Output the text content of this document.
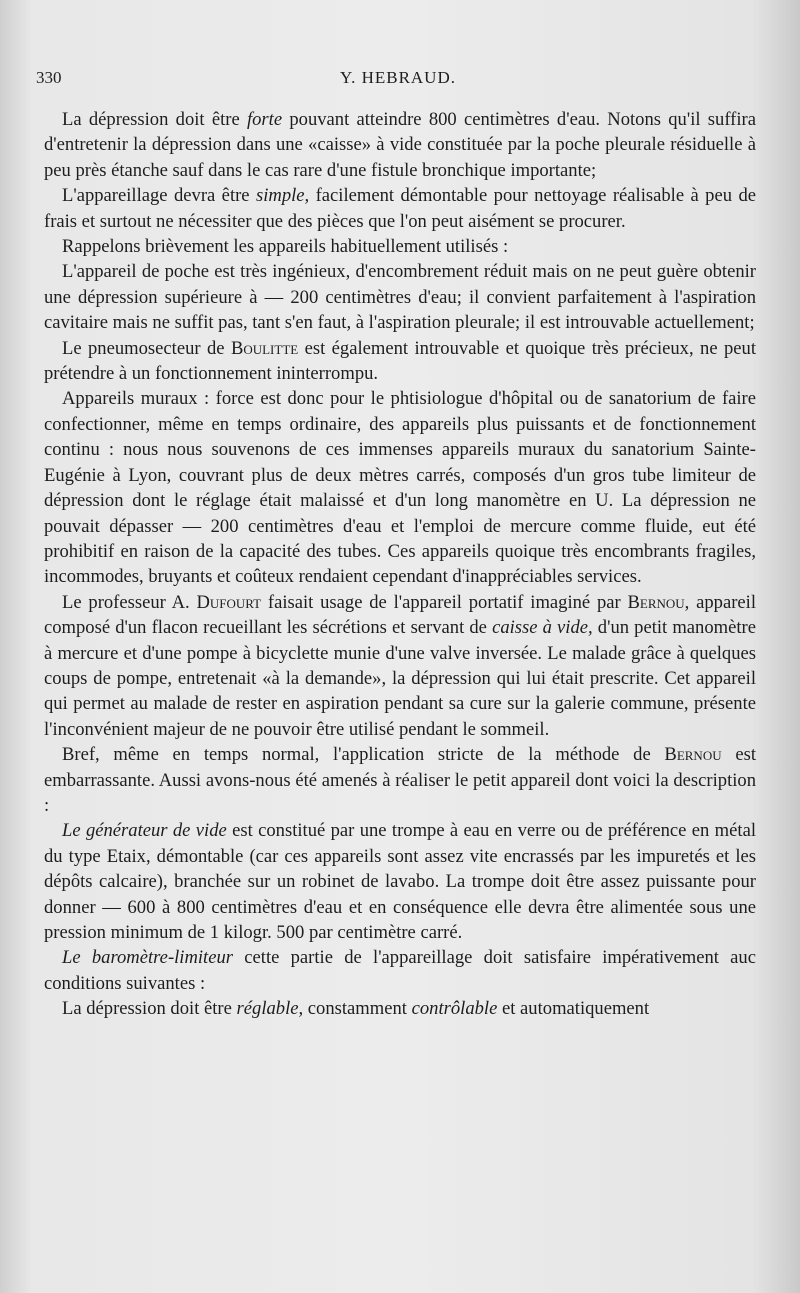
330	Y. HEBRAUD.

La dépression doit être forte pouvant atteindre 800 centimètres d'eau. Notons qu'il suffira d'entretenir la dépression dans une «caisse» à vide constituée par la poche pleurale résiduelle à peu près étanche sauf dans le cas rare d'une fistule bronchique importante;

L'appareillage devra être simple, facilement démontable pour nettoyage réalisable à peu de frais et surtout ne nécessiter que des pièces que l'on peut aisément se procurer.

Rappelons brièvement les appareils habituellement utilisés :

L'appareil de poche est très ingénieux, d'encombrement réduit mais on ne peut guère obtenir une dépression supérieure à — 200 centimètres d'eau; il convient parfaitement à l'aspiration cavitaire mais ne suffit pas, tant s'en faut, à l'aspiration pleurale; il est introuvable actuellement;

Le pneumosecteur de Boulitte est également introuvable et quoique très précieux, ne peut prétendre à un fonctionnement ininterrompu.

Appareils muraux : force est donc pour le phtisiologue d'hôpital ou de sanatorium de faire confectionner, même en temps ordinaire, des appareils plus puissants et de fonctionnement continu : nous nous souvenons de ces immenses appareils muraux du sanatorium Sainte-Eugénie à Lyon, couvrant plus de deux mètres carrés, composés d'un gros tube limiteur de dépression dont le réglage était malaissé et d'un long manomètre en U. La dépression ne pouvait dépasser — 200 centimètres d'eau et l'emploi de mercure comme fluide, eut été prohibitif en raison de la capacité des tubes. Ces appareils quoique très encombrants fragiles, incommodes, bruyants et coûteux rendaient cependant d'inappréciables services.

Le professeur A. Dufourt faisait usage de l'appareil portatif imaginé par Bernou, appareil composé d'un flacon recueillant les sécrétions et servant de caisse à vide, d'un petit manomètre à mercure et d'une pompe à bicyclette munie d'une valve inversée. Le malade grâce à quelques coups de pompe, entretenait «à la demande», la dépression qui lui était prescrite. Cet appareil qui permet au malade de rester en aspiration pendant sa cure sur la galerie commune, présente l'inconvénient majeur de ne pouvoir être utilisé pendant le sommeil.

Bref, même en temps normal, l'application stricte de la méthode de Bernou est embarrassante. Aussi avons-nous été amenés à réaliser le petit appareil dont voici la description :

Le générateur de vide est constitué par une trompe à eau en verre ou de préférence en métal du type Etaix, démontable (car ces appareils sont assez vite encrassés par les impuretés et les dépôts calcaire), branchée sur un robinet de lavabo. La trompe doit être assez puissante pour donner — 600 à 800 centimètres d'eau et en conséquence elle devra être alimentée sous une pression minimum de 1 kilogr. 500 par centimètre carré.

Le baromètre-limiteur cette partie de l'appareillage doit satisfaire impérativement auc conditions suivantes :

La dépression doit être réglable, constamment contrôlable et automatiquement
